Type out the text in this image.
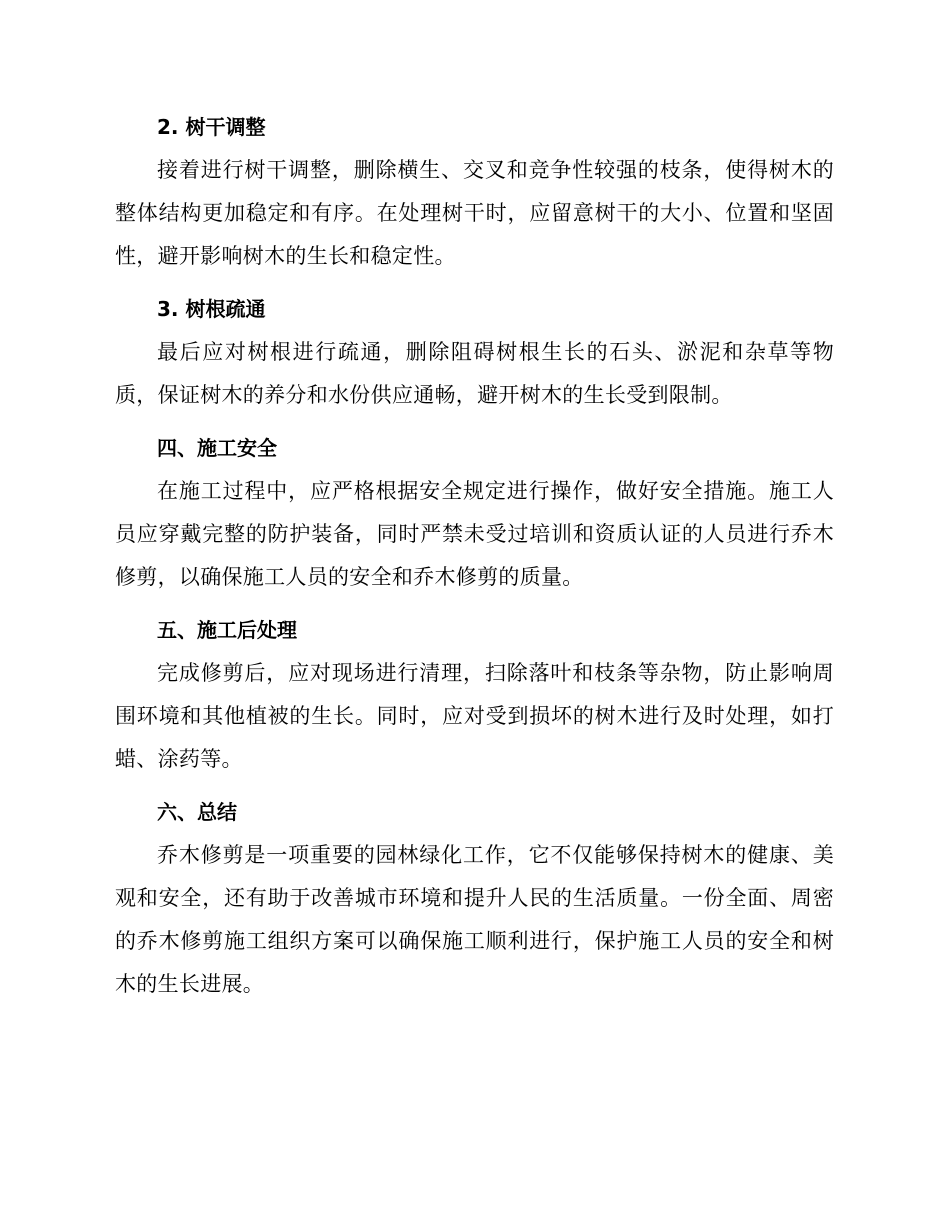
2. 树干调整

接着进行树干调整，删除横生、交叉和竞争性较强的枝条，使得树木的整体结构更加稳定和有序。在处理树干时，应留意树干的大小、位置和坚固性，避开影响树木的生长和稳定性。

3. 树根疏通

最后应对树根进行疏通，删除阻碍树根生长的石头、淤泥和杂草等物质，保证树木的养分和水份供应通畅，避开树木的生长受到限制。

四、施工安全

在施工过程中，应严格根据安全规定进行操作，做好安全措施。施工人员应穿戴完整的防护装备，同时严禁未受过培训和资质认证的人员进行乔木修剪，以确保施工人员的安全和乔木修剪的质量。

五、施工后处理

完成修剪后，应对现场进行清理，扫除落叶和枝条等杂物，防止影响周围环境和其他植被的生长。同时，应对受到损坏的树木进行及时处理，如打蜡、涂药等。

六、总结

乔木修剪是一项重要的园林绿化工作，它不仅能够保持树木的健康、美观和安全，还有助于改善城市环境和提升人民的生活质量。一份全面、周密的乔木修剪施工组织方案可以确保施工顺利进行，保护施工人员的安全和树木的生长进展。
